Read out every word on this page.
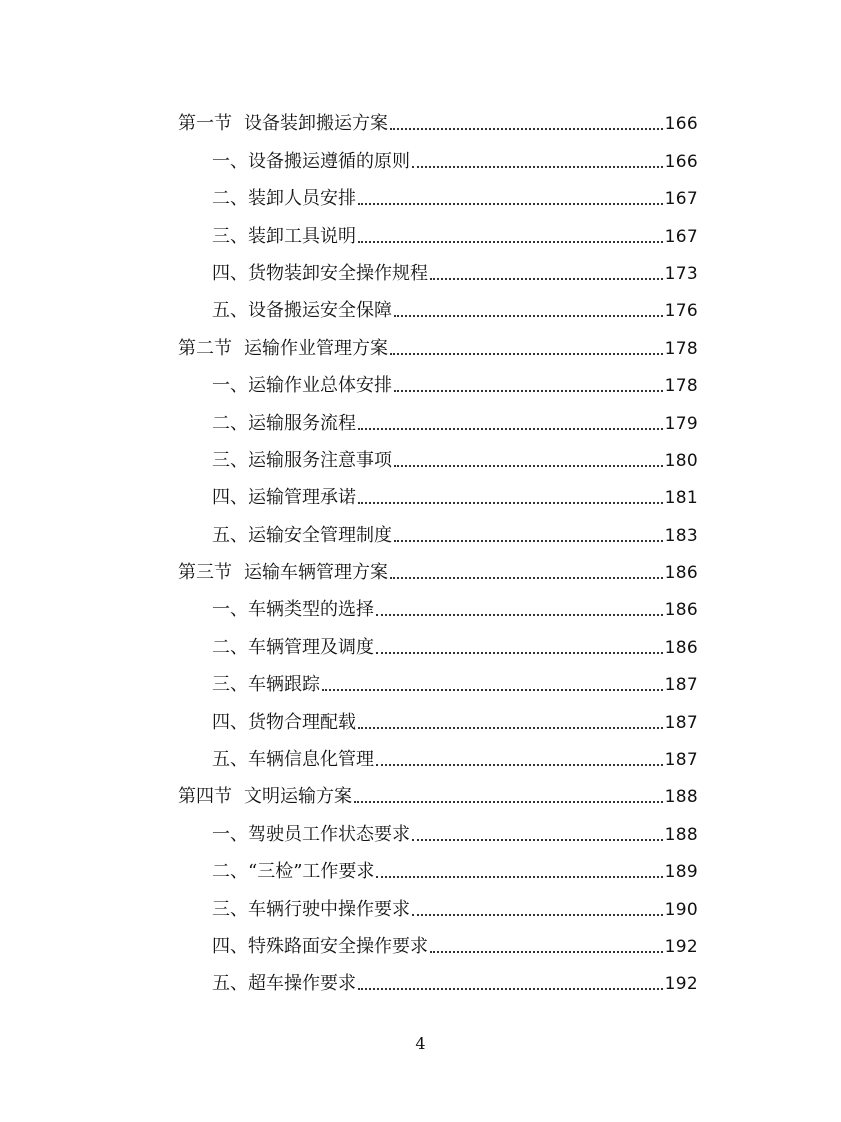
第一节 设备装卸搬运方案	166
一、设备搬运遵循的原则	166
二、装卸人员安排	167
三、装卸工具说明	167
四、货物装卸安全操作规程	173
五、设备搬运安全保障	176
第二节 运输作业管理方案	178
一、运输作业总体安排	178
二、运输服务流程	179
三、运输服务注意事项	180
四、运输管理承诺	181
五、运输安全管理制度	183
第三节 运输车辆管理方案	186
一、车辆类型的选择	186
二、车辆管理及调度	186
三、车辆跟踪	187
四、货物合理配载	187
五、车辆信息化管理	187
第四节 文明运输方案	188
一、驾驶员工作状态要求	188
二、“三检”工作要求	189
三、车辆行驶中操作要求	190
四、特殊路面安全操作要求	192
五、超车操作要求	192
4
